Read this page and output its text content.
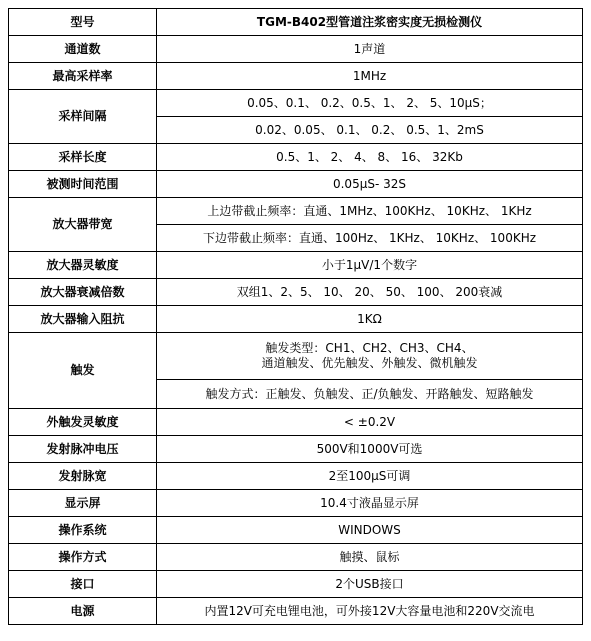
型号	TGM-B402型管道注浆密实度无损检测仪
通道数	1声道
最高采样率	1MHz
采样间隔	0.05、0.1、 0.2、0.5、1、 2、 5、10μS；
	0.02、0.05、 0.1、 0.2、 0.5、1、2mS
采样长度	0.5、1、 2、 4、 8、 16、 32Kb
被测时间范围	0.05μS- 32S
放大器带宽	上边带截止频率：直通、1MHz、100KHz、 10KHz、 1KHz
	下边带截止频率：直通、100Hz、 1KHz、 10KHz、 100KHz
放大器灵敏度	小于1μV/1个数字
放大器衰减倍数	双组1、2、5、 10、 20、 50、 100、 200衰减
放大器输入阻抗	1KΩ
触发	触发类型：CH1、CH2、CH3、CH4、
通道触发、优先触发、外触发、微机触发

	触发方式：正触发、负触发、正/负触发、开路触发、短路触发
外触发灵敏度	< ±0.2V
发射脉冲电压	500V和1000V可选
发射脉宽	2至100μS可调
显示屏	10.4寸液晶显示屏
操作系统	WINDOWS
操作方式	触摸、鼠标
接口	2个USB接口
电源	内置12V可充电锂电池，可外接12V大容量电池和220V交流电
